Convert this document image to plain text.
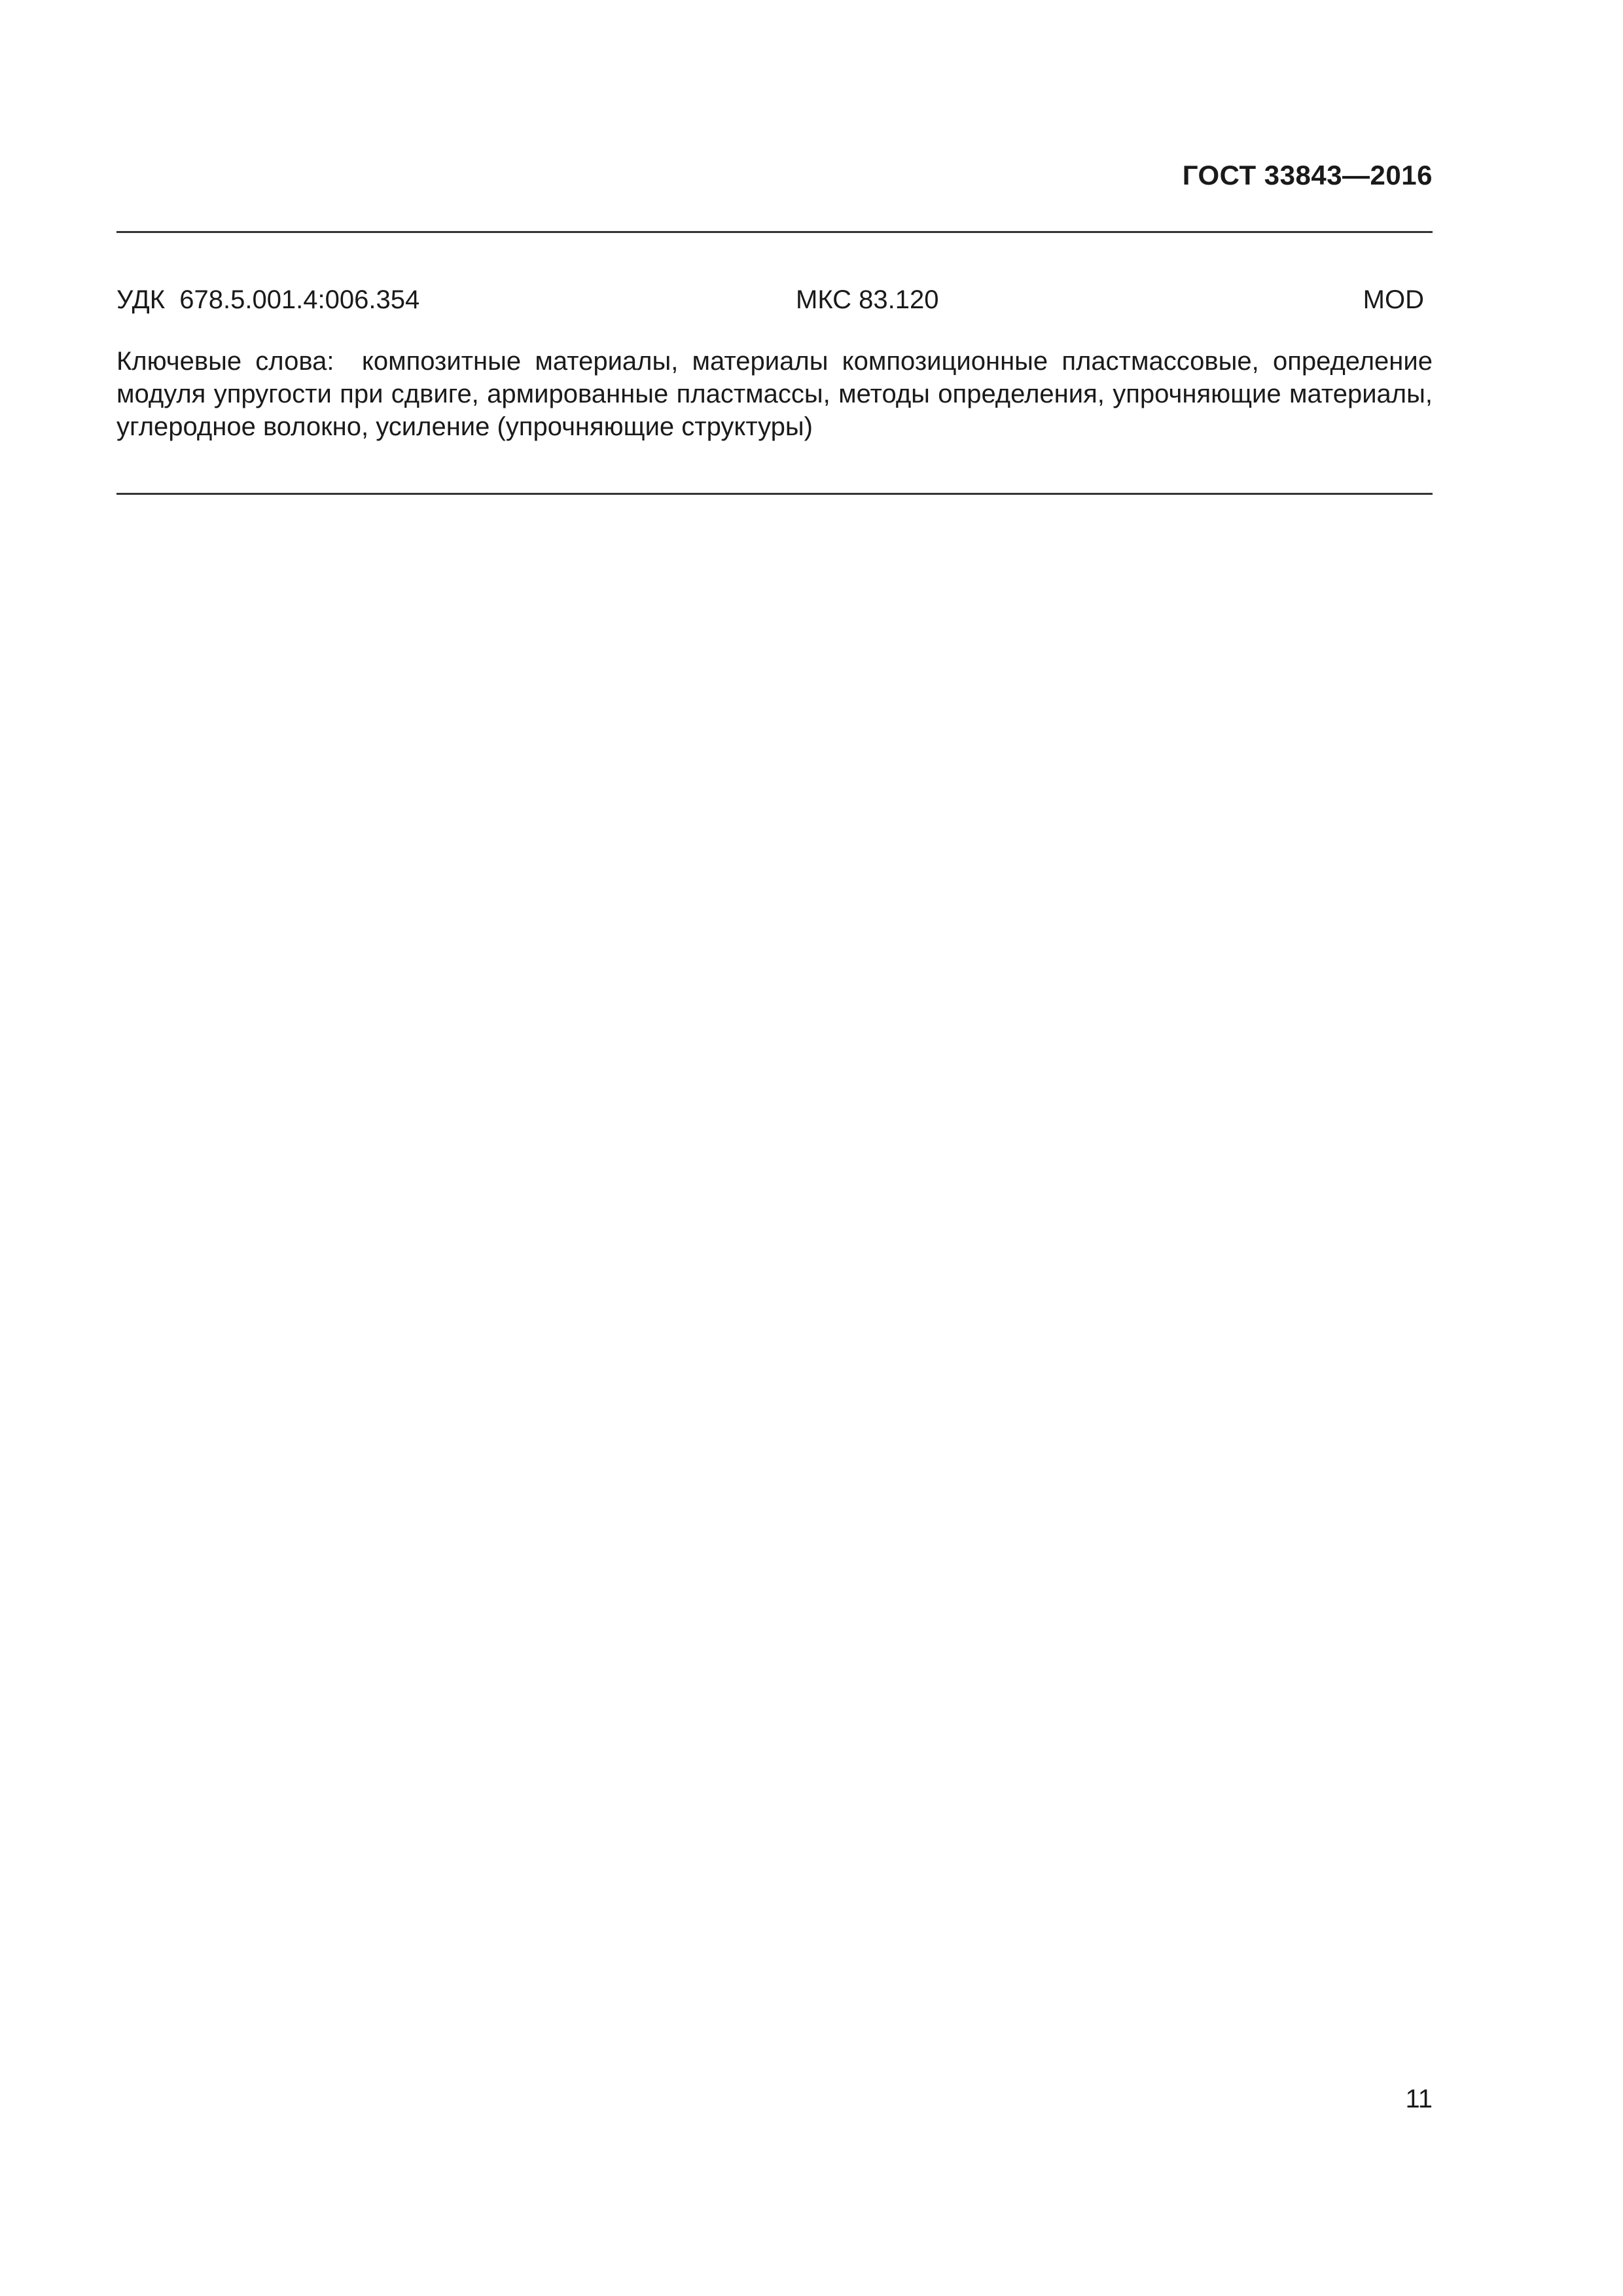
ГОСТ 33843—2016
УДК  678.5.001.4:006.354	МКС 83.120	MOD
Ключевые слова:  композитные материалы, материалы композиционные пластмассовые, определение модуля упругости при сдвиге, армированные пластмассы, методы определения, упрочняющие материалы, углеродное волокно, усиление (упрочняющие структуры)
11
